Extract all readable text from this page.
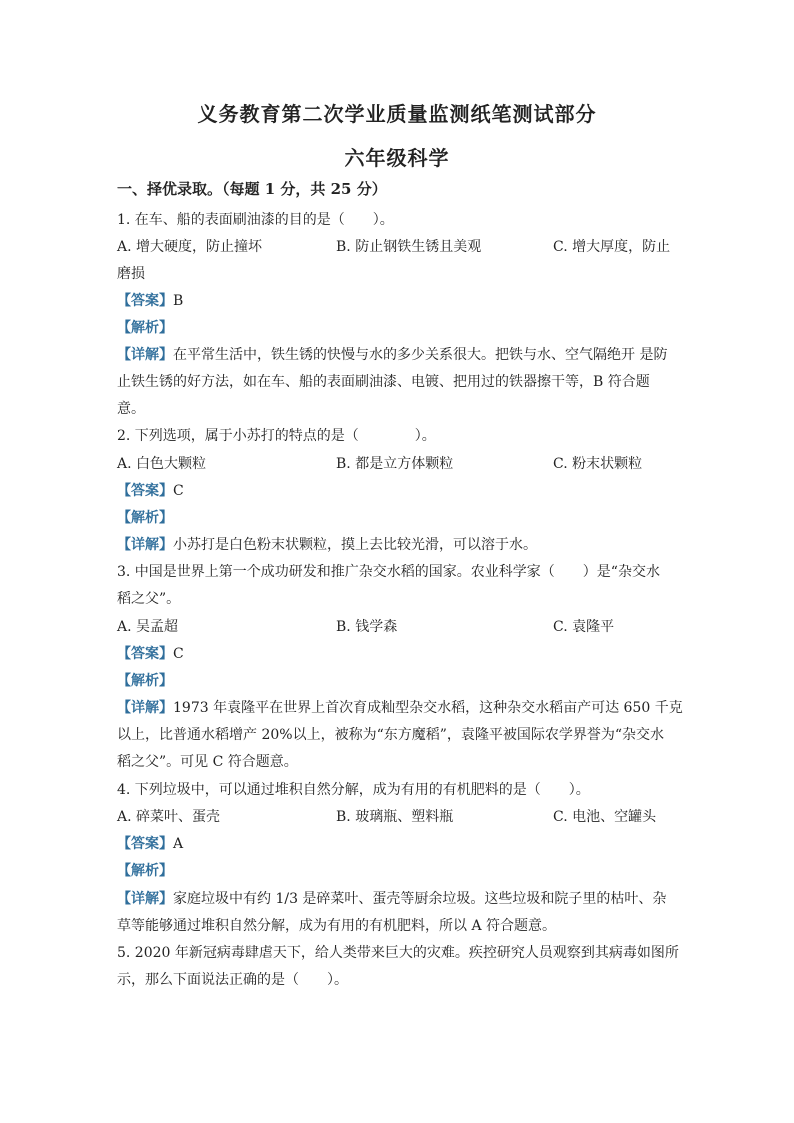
义务教育第二次学业质量监测纸笔测试部分
六年级科学
一、择优录取。（每题 1 分，共 25 分）
1. 在车、船的表面刷油漆的目的是（　　）。
A. 增大硬度，防止撞坏	B. 防止钢铁生锈且美观	C. 增大厚度，防止
磨损
【答案】B
【解析】
【详解】在平常生活中，铁生锈的快慢与水的多少关系很大。把铁与水、空气隔绝开 是防
止铁生锈的好方法，如在车、船的表面刷油漆、电镀、把用过的铁器擦干等，B 符合题
意。
2. 下列选项，属于小苏打的特点的是（　　　　）。
A. 白色大颗粒	B. 都是立方体颗粒	C. 粉末状颗粒
【答案】C
【解析】
【详解】小苏打是白色粉末状颗粒，摸上去比较光滑，可以溶于水。
3. 中国是世界上第一个成功研发和推广杂交水稻的国家。农业科学家（　　）是“杂交水
稻之父”。
A. 吴孟超	B. 钱学森	C. 袁隆平
【答案】C
【解析】
【详解】1973 年袁隆平在世界上首次育成籼型杂交水稻，这种杂交水稻亩产可达 650 千克
以上，比普通水稻增产 20%以上，被称为“东方魔稻”，袁隆平被国际农学界誉为“杂交水
稻之父”。可见 C 符合题意。
4. 下列垃圾中，可以通过堆积自然分解，成为有用的有机肥料的是（　　）。
A. 碎菜叶、蛋壳	B. 玻璃瓶、塑料瓶	C. 电池、空罐头
【答案】A
【解析】
【详解】家庭垃圾中有约 1/3 是碎菜叶、蛋壳等厨余垃圾。这些垃圾和院子里的枯叶、杂
草等能够通过堆积自然分解，成为有用的有机肥料，所以 A 符合题意。
5. 2020 年新冠病毒肆虐天下，给人类带来巨大的灾难。疾控研究人员观察到其病毒如图所
示，那么下面说法正确的是（　　）。
